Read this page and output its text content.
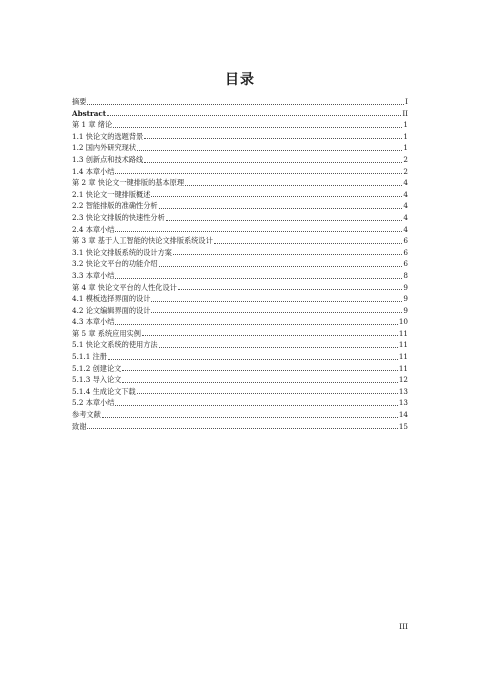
目录
摘要	I
Abstract	II
第 1 章 绪论	1
1.1 快论文的选题背景	1
1.2 国内外研究现状	1
1.3 创新点和技术路线	2
1.4 本章小结	2
第 2 章 快论文一键排版的基本原理	4
2.1 快论文一键排版概述	4
2.2 智能排版的准确性分析	4
2.3 快论文排版的快速性分析	4
2.4 本章小结	4
第 3 章 基于人工智能的快论文排版系统设计	6
3.1 快论文排版系统的设计方案	6
3.2 快论文平台的功能介绍	6
3.3 本章小结	8
第 4 章 快论文平台的人性化设计	9
4.1 模板选择界面的设计	9
4.2 论文编辑界面的设计	9
4.3 本章小结	10
第 5 章 系统应用实例	11
5.1 快论文系统的使用方法	11
5.1.1 注册	11
5.1.2 创建论文	11
5.1.3 导入论文	12
5.1.4 生成论文下载	13
5.2 本章小结	13
参考文献	14
致谢	15
III
